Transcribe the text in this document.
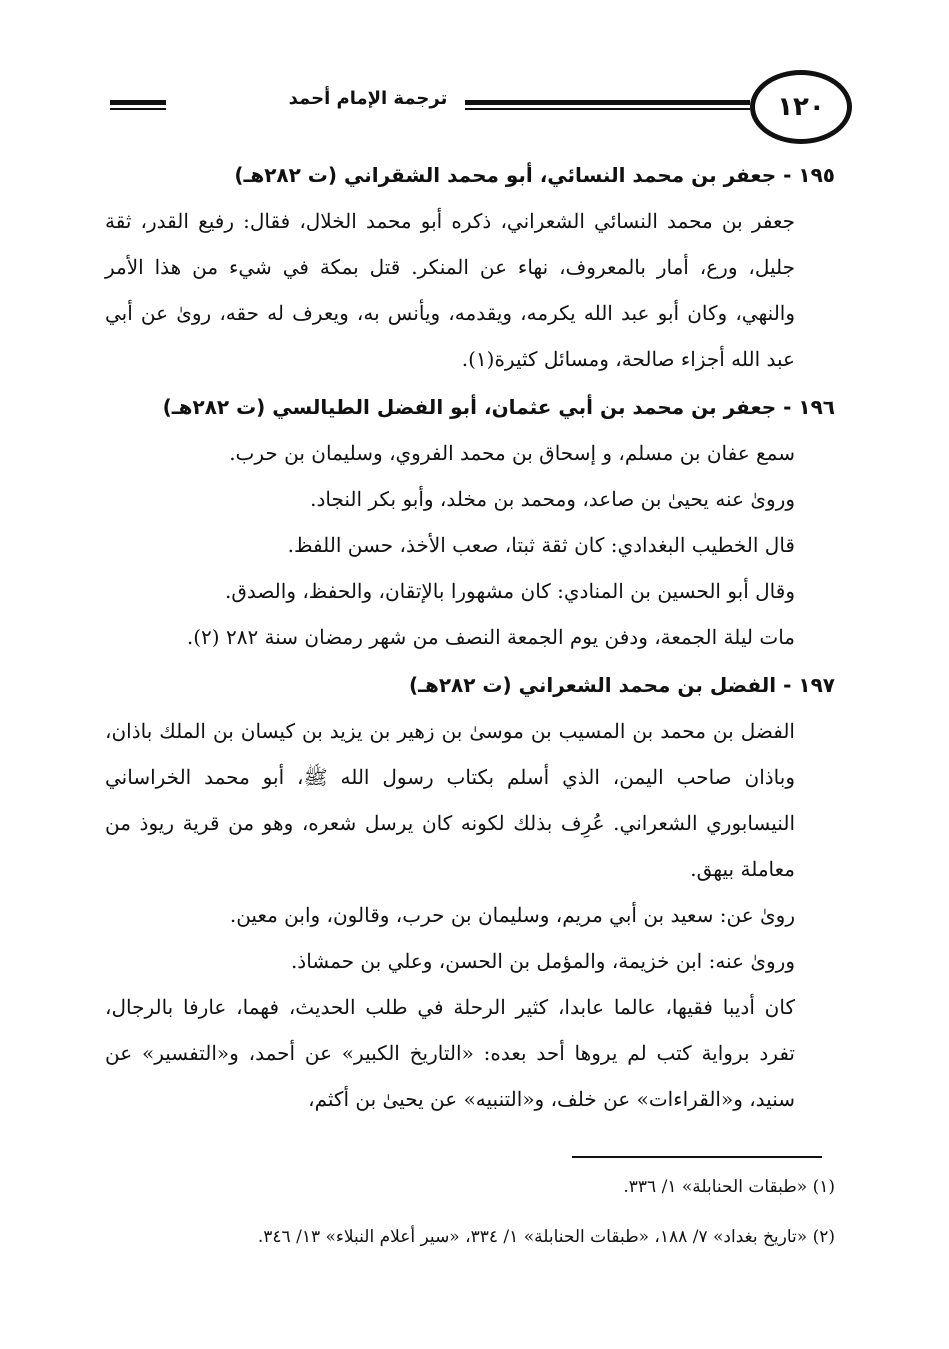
ترجمة الإمام أحمد	١٢٠
١٩٥ - جعفر بن محمد النسائي، أبو محمد الشقراني (ت ٢٨٢هـ)

جعفر بن محمد النسائي الشعراني، ذكره أبو محمد الخلال، فقال: رفيع القدر، ثقة جليل، ورع، أمار بالمعروف، نهاء عن المنكر. قتل بمكة في شيء من هذا الأمر والنهي، وكان أبو عبد الله يكرمه، ويقدمه، ويأنس به، ويعرف له حقه، روىٰ عن أبي عبد الله أجزاء صالحة، ومسائل كثيرة(١).

١٩٦ - جعفر بن محمد بن أبي عثمان، أبو الفضل الطيالسي (ت ٢٨٢هـ)

سمع عفان بن مسلم، و إسحاق بن محمد الفروي، وسليمان بن حرب.

وروىٰ عنه يحيىٰ بن صاعد، ومحمد بن مخلد، وأبو بكر النجاد.

قال الخطيب البغدادي: كان ثقة ثبتا، صعب الأخذ، حسن اللفظ.

وقال أبو الحسين بن المنادي: كان مشهورا بالإتقان، والحفظ، والصدق.

مات ليلة الجمعة، ودفن يوم الجمعة النصف من شهر رمضان سنة ٢٨٢ (٢).

١٩٧ - الفضل بن محمد الشعراني (ت ٢٨٢هـ)

الفضل بن محمد بن المسيب بن موسىٰ بن زهير بن يزيد بن كيسان بن الملك باذان، وباذان صاحب اليمن، الذي أسلم بكتاب رسول الله ﷺ، أبو محمد الخراساني النيسابوري الشعراني. عُرِف بذلك لكونه كان يرسل شعره، وهو من قرية ريوذ من معاملة بيهق.

روىٰ عن: سعيد بن أبي مريم، وسليمان بن حرب، وقالون، وابن معين.

وروىٰ عنه: ابن خزيمة، والمؤمل بن الحسن، وعلي بن حمشاذ.

كان أديبا فقيها، عالما عابدا، كثير الرحلة في طلب الحديث، فهما، عارفا بالرجال، تفرد برواية كتب لم يروها أحد بعده: «التاريخ الكبير» عن أحمد، و«التفسير» عن سنيد، و«القراءات» عن خلف، و«التنبيه» عن يحيىٰ بن أكثم،

(١) «طبقات الحنابلة» ١/ ٣٣٦.

(٢) «تاريخ بغداد» ٧/ ١٨٨، «طبقات الحنابلة» ١/ ٣٣٤، «سير أعلام النبلاء» ١٣/ ٣٤٦.
